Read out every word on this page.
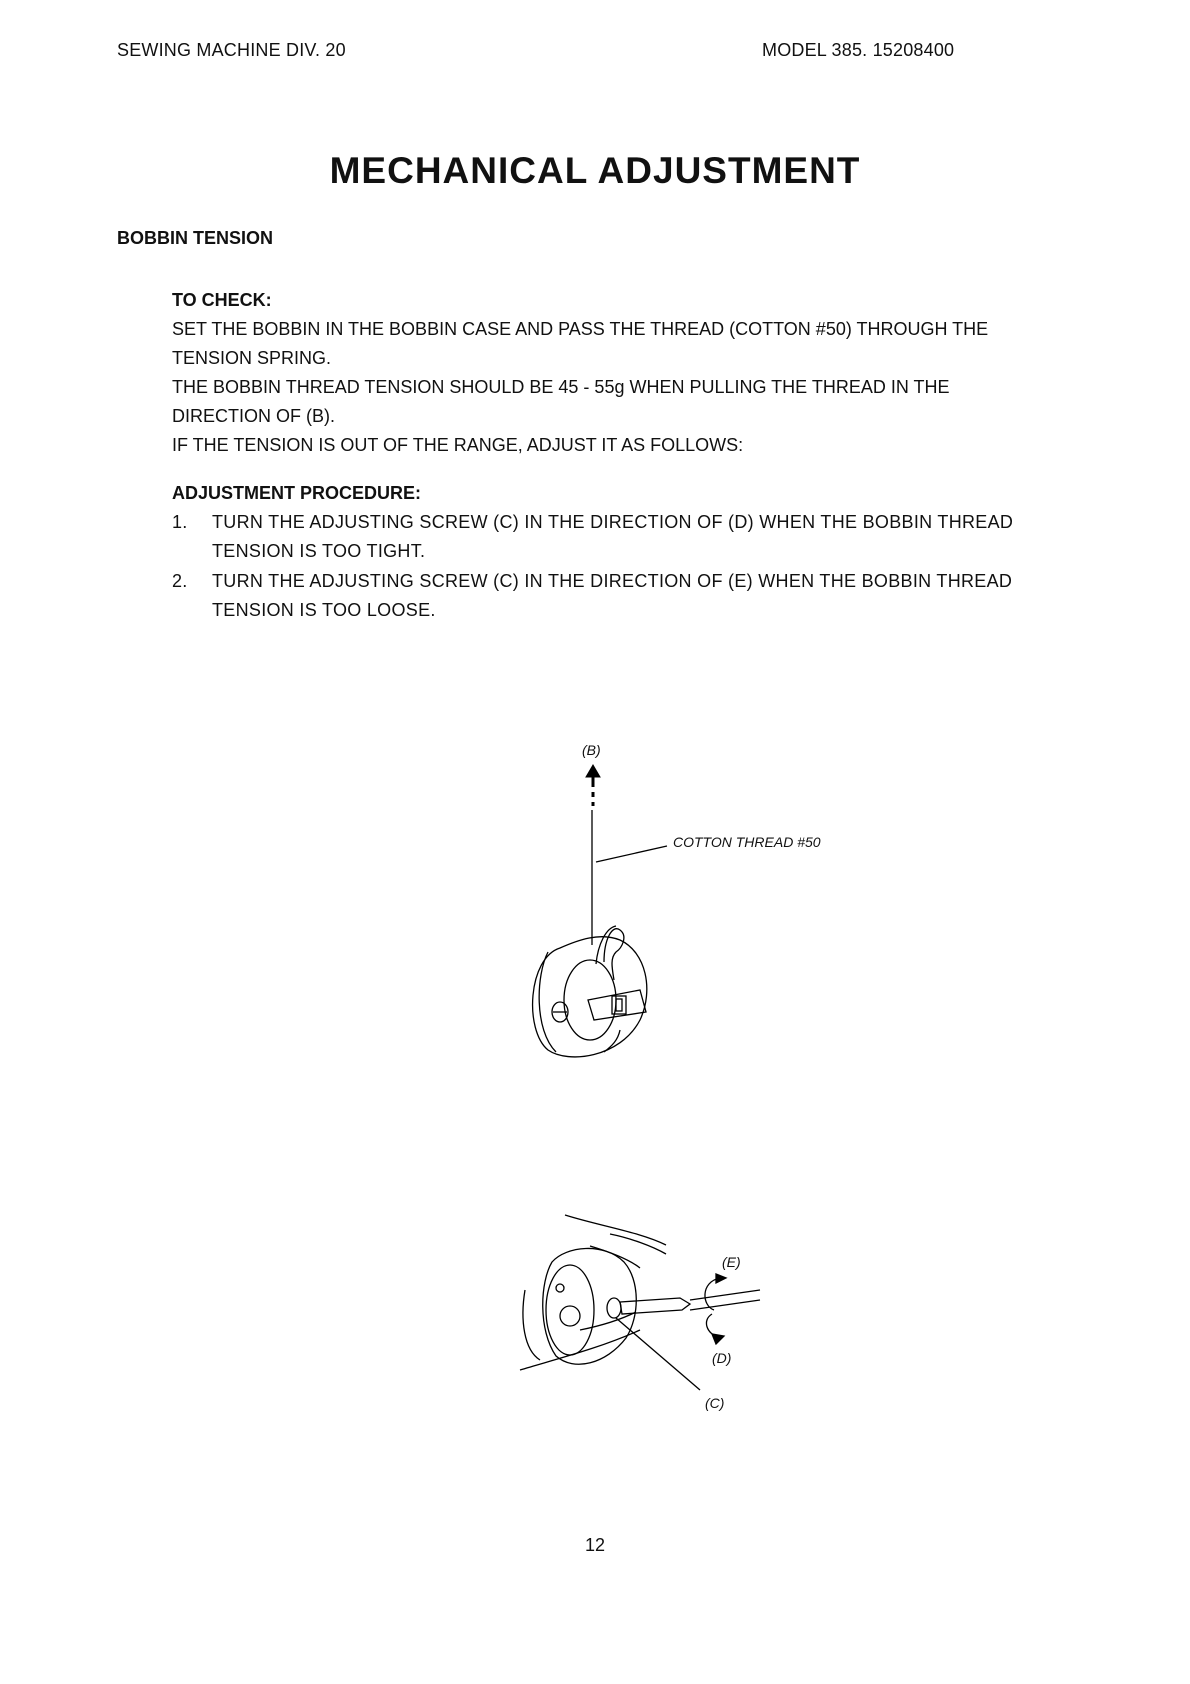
SEWING MACHINE DIV. 20	MODEL 385. 15208400
MECHANICAL ADJUSTMENT
BOBBIN TENSION
TO CHECK:

SET THE BOBBIN IN THE BOBBIN CASE AND PASS THE THREAD (COTTON #50) THROUGH THE TENSION SPRING.

THE BOBBIN THREAD TENSION SHOULD BE 45 - 55g WHEN PULLING THE THREAD IN THE DIRECTION OF (B).

IF THE TENSION IS OUT OF THE RANGE, ADJUST IT AS FOLLOWS:

ADJUSTMENT PROCEDURE:
1. TURN THE ADJUSTING SCREW (C) IN THE DIRECTION OF (D) WHEN THE BOBBIN THREAD TENSION IS TOO TIGHT.
2. TURN THE ADJUSTING SCREW (C) IN THE DIRECTION OF (E) WHEN THE BOBBIN THREAD TENSION IS TOO LOOSE.
(B)
COTTON THREAD #50
(E)
(D)
(C)
12
